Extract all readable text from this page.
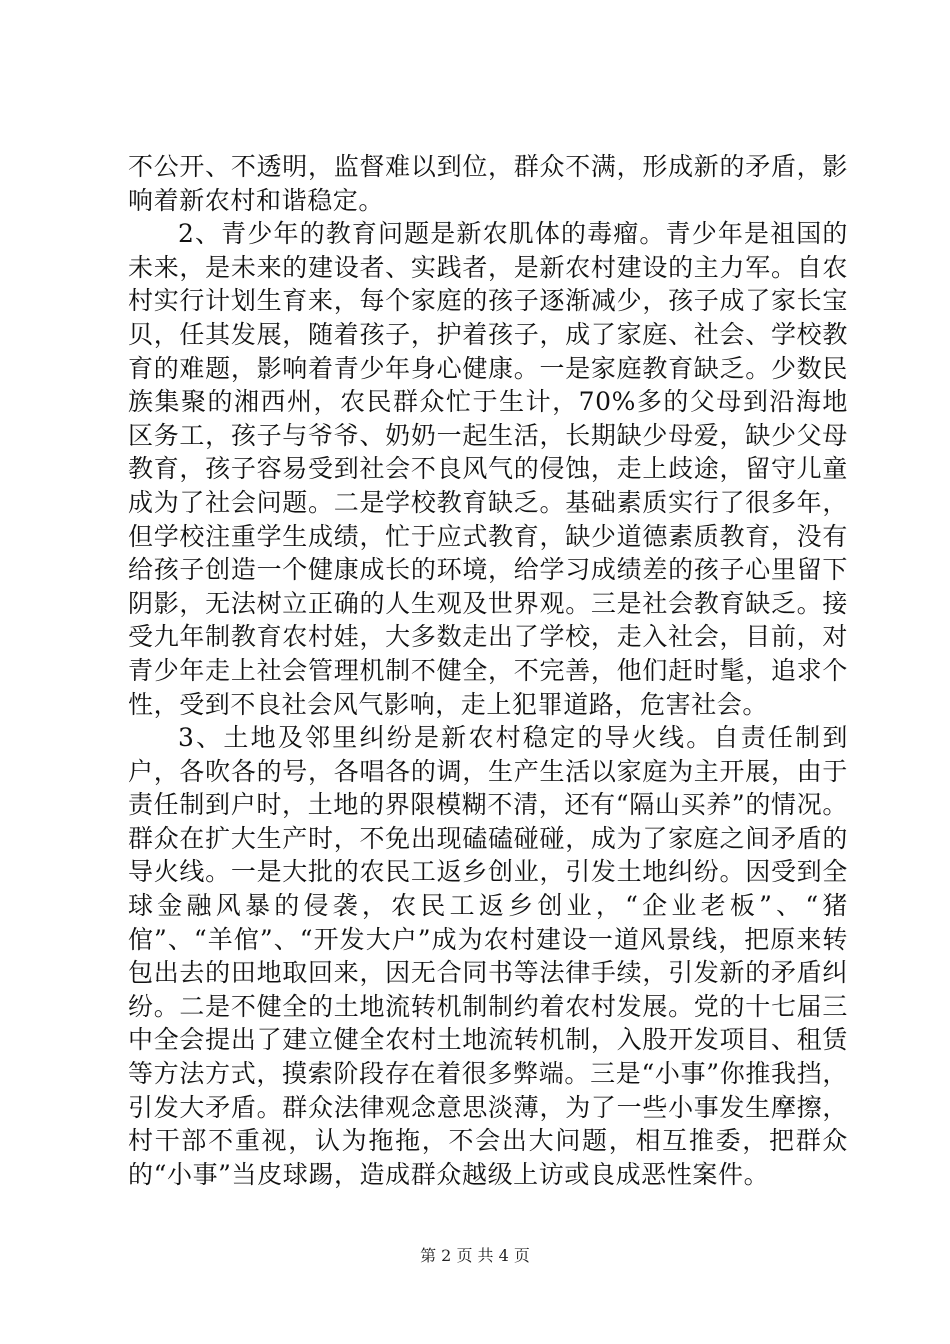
不公开、不透明，监督难以到位，群众不满，形成新的矛盾，影响着新农村和谐稳定。

2、青少年的教育问题是新农肌体的毒瘤。青少年是祖国的未来，是未来的建设者、实践者，是新农村建设的主力军。自农村实行计划生育来，每个家庭的孩子逐渐减少，孩子成了家长宝贝，任其发展，随着孩子，护着孩子，成了家庭、社会、学校教育的难题，影响着青少年身心健康。一是家庭教育缺乏。少数民族集聚的湘西州，农民群众忙于生计，70%多的父母到沿海地区务工，孩子与爷爷、奶奶一起生活，长期缺少母爱，缺少父母教育，孩子容易受到社会不良风气的侵蚀，走上歧途，留守儿童成为了社会问题。二是学校教育缺乏。基础素质实行了很多年，但学校注重学生成绩，忙于应式教育，缺少道德素质教育，没有给孩子创造一个健康成长的环境，给学习成绩差的孩子心里留下阴影，无法树立正确的人生观及世界观。三是社会教育缺乏。接受九年制教育农村娃，大多数走出了学校，走入社会，目前，对青少年走上社会管理机制不健全，不完善，他们赶时髦，追求个性，受到不良社会风气影响，走上犯罪道路，危害社会。

3、土地及邻里纠纷是新农村稳定的导火线。自责任制到户，各吹各的号，各唱各的调，生产生活以家庭为主开展，由于责任制到户时，土地的界限模糊不清，还有“隔山买养”的情况。群众在扩大生产时，不免出现磕磕碰碰，成为了家庭之间矛盾的导火线。一是大批的农民工返乡创业，引发土地纠纷。因受到全球金融风暴的侵袭，农民工返乡创业，“企业老板”、“猪倌”、“羊倌”、“开发大户”成为农村建设一道风景线，把原来转包出去的田地取回来，因无合同书等法律手续，引发新的矛盾纠纷。二是不健全的土地流转机制制约着农村发展。党的十七届三中全会提出了建立健全农村土地流转机制，入股开发项目、租赁等方法方式，摸索阶段存在着很多弊端。三是“小事”你推我挡，引发大矛盾。群众法律观念意思淡薄，为了一些小事发生摩擦，村干部不重视，认为拖拖，不会出大问题，相互推委，把群众的“小事”当皮球踢，造成群众越级上访或良成恶性案件。

第 2 页 共 4 页
